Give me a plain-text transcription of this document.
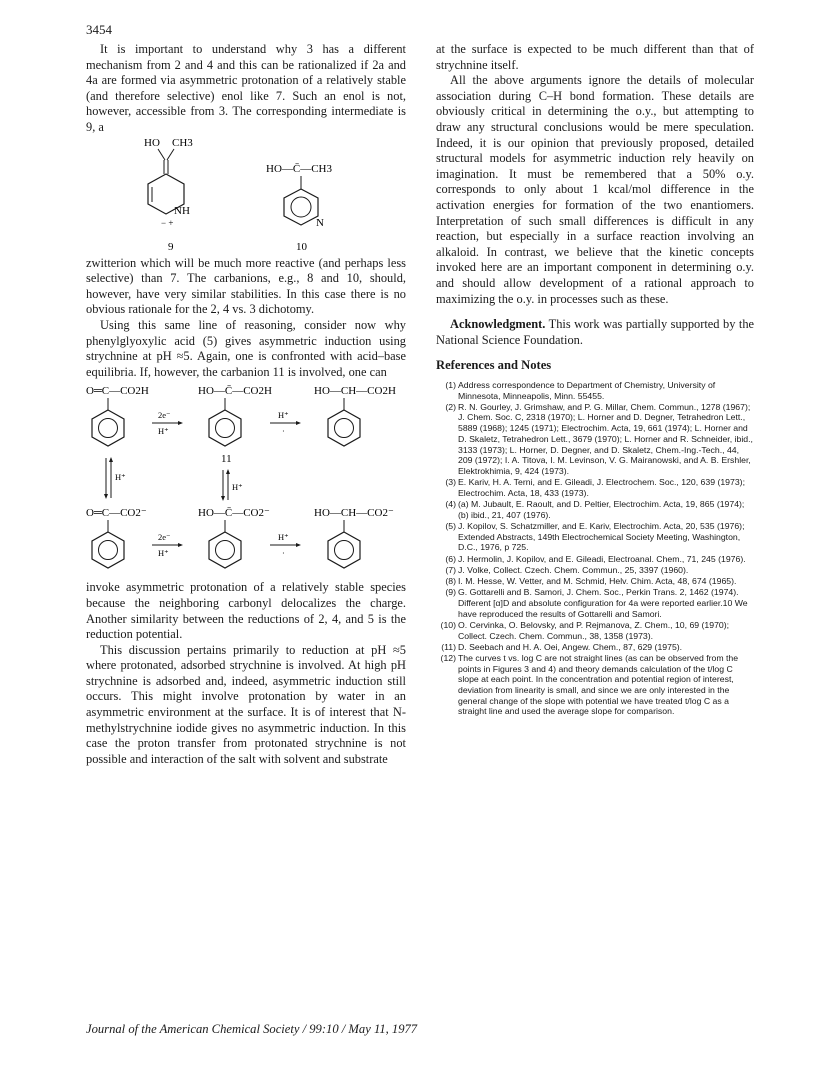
3454

It is important to understand why 3 has a different mechanism from 2 and 4 and this can be rationalized if 2a and 4a are formed via asymmetric protonation of a relatively stable (and therefore selective) enol like 7. Such an enol is not, however, accessible from 3. The corresponding intermediate is 9, a

HO CH3
NH
− +
9
HO—C̄—CH3
N
10

zwitterion which will be much more reactive (and perhaps less selective) than 7. The carbanions, e.g., 8 and 10, should, however, have very similar stabilities. In this case there is no obvious rationale for the 2, 4 vs. 3 dichotomy.

Using this same line of reasoning, consider now why phenylglyoxylic acid (5) gives asymmetric induction using strychnine at pH ≈5. Again, one is confronted with acid–base equilibria. If, however, the carbanion 11 is involved, one can

O═C—CO2H	HO—C̄—CO2H	HO—CH—CO2H
2e⁻
H⁺
H⁺
·
11
H⁺
H⁺
O═C—CO2⁻	HO—C̄—CO2⁻	HO—CH—CO2⁻
2e⁻
H⁺
H⁺
·

invoke asymmetric protonation of a relatively stable species because the neighboring carbonyl delocalizes the charge. Another similarity between the reductions of 2, 4, and 5 is the reduction potential.

This discussion pertains primarily to reduction at pH ≈5 where protonated, adsorbed strychnine is involved. At high pH strychnine is adsorbed and, indeed, asymmetric induction still occurs. This might involve protonation by water in an asymmetric environment at the surface. It is of interest that N-methylstrychnine iodide gives no asymmetric induction. In this case the proton transfer from protonated strychnine is not possible and interaction of the salt with solvent and substrate

at the surface is expected to be much different than that of strychnine itself.

All the above arguments ignore the details of molecular association during C–H bond formation. These details are obviously critical in determining the o.y., but attempting to draw any structural conclusions would be mere speculation. Indeed, it is our opinion that previously proposed, detailed structural models for asymmetric induction rely heavily on imagination. It must be remembered that a 50% o.y. corresponds to only about 1 kcal/mol difference in the activation energies for formation of the two enantiomers. Interpretation of such small differences is difficult in any reaction, but especially in a surface reaction involving an alkaloid. In contrast, we believe that the kinetic concepts invoked here are an important component in determining o.y. and should allow development of a rational approach to maximizing the o.y. in processes such as these.

Acknowledgment. This work was partially supported by the National Science Foundation.

References and Notes

(1) Address correspondence to Department of Chemistry, University of Minnesota, Minneapolis, Minn. 55455.
(2) R. N. Gourley, J. Grimshaw, and P. G. Millar, Chem. Commun., 1278 (1967); J. Chem. Soc. C, 2318 (1970); L. Horner and D. Degner, Tetrahedron Lett., 5889 (1968); 1245 (1971); Electrochim. Acta, 19, 661 (1974); L. Horner and D. Skaletz, Tetrahedron Lett., 3679 (1970); L. Horner and R. Schneider, ibid., 3133 (1973); L. Horner, D. Degner, and D. Skaletz, Chem.-Ing.-Tech., 44, 209 (1972); I. A. Titova, I. M. Levinson, V. G. Mairanowski, and A. B. Ershler, Elektrokhimia, 9, 424 (1973).
(3) E. Kariv, H. A. Terni, and E. Gileadi, J. Electrochem. Soc., 120, 639 (1973); Electrochim. Acta, 18, 433 (1973).
(4) (a) M. Jubault, E. Raoult, and D. Peltier, Electrochim. Acta, 19, 865 (1974); (b) ibid., 21, 407 (1976).
(5) J. Kopilov, S. Schatzmiller, and E. Kariv, Electrochim. Acta, 20, 535 (1976); Extended Abstracts, 149th Electrochemical Society Meeting, Washington, D.C., 1976, p 725.
(6) J. Hermolin, J. Kopilov, and E. Gileadi, Electroanal. Chem., 71, 245 (1976).
(7) J. Volke, Collect. Czech. Chem. Commun., 25, 3397 (1960).
(8) I. M. Hesse, W. Vetter, and M. Schmid, Helv. Chim. Acta, 48, 674 (1965).
(9) G. Gottarelli and B. Samori, J. Chem. Soc., Perkin Trans. 2, 1462 (1974). Different [α]D and absolute configuration for 4a were reported earlier.10 We have reproduced the results of Gottarelli and Samori.
(10) O. Cervinka, O. Belovsky, and P. Rejmanova, Z. Chem., 10, 69 (1970); Collect. Czech. Chem. Commun., 38, 1358 (1973).
(11) D. Seebach and H. A. Oei, Angew. Chem., 87, 629 (1975).
(12) The curves t vs. log C are not straight lines (as can be observed from the points in Figures 3 and 4) and theory demands calculation of the t/log C slope at each point. In the concentration and potential region of interest, deviation from linearity is small, and since we are only interested in the general change of the slope with potential we have treated t/log C as a straight line and used the average slope for comparison.
Journal of the American Chemical Society / 99:10 / May 11, 1977
